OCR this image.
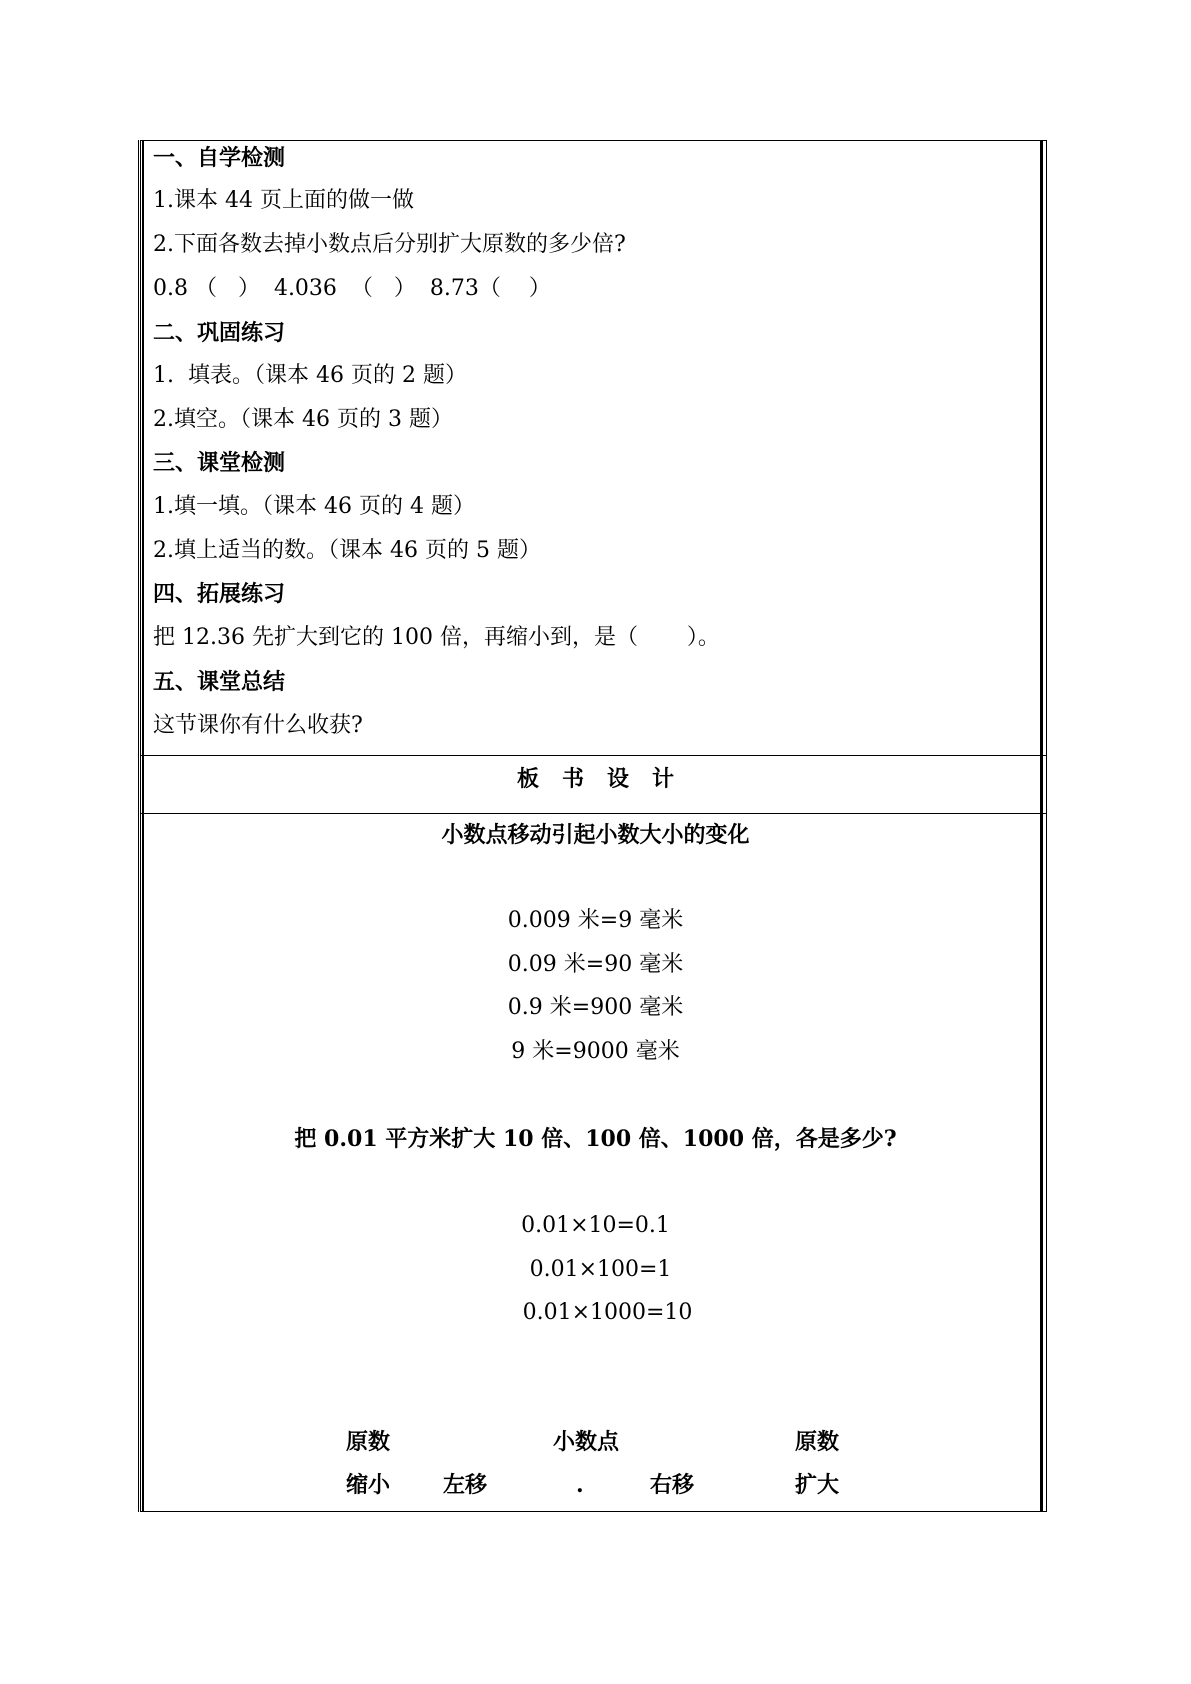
一、自学检测
1.课本 44 页上面的做一做
2.下面各数去掉小数点后分别扩大原数的多少倍?
0.8 （   ）  4.036  （   ）  8.73（    ）
二、巩固练习
1.  填表。（课本 46 页的 2 题）
2.填空。（课本 46 页的 3 题）
三、课堂检测
1.填一填。（课本 46 页的 4 题）
2.填上适当的数。（课本 46 页的 5 题）
四、拓展练习
把 12.36 先扩大到它的 100 倍，再缩小到，是（       ）。
五、课堂总结
这节课你有什么收获?
板   书   设   计
小数点移动引起小数大小的变化
0.009 米=9 毫米
0.09 米=90 毫米
0.9 米=900 毫米
9 米=9000 毫米
把 0.01 平方米扩大 10 倍、100 倍、1000 倍，各是多少?
0.01×10=0.1
0.01×100=1
0.01×1000=10
原数	小数点	原数
缩小 左移	.	右移	扩大
